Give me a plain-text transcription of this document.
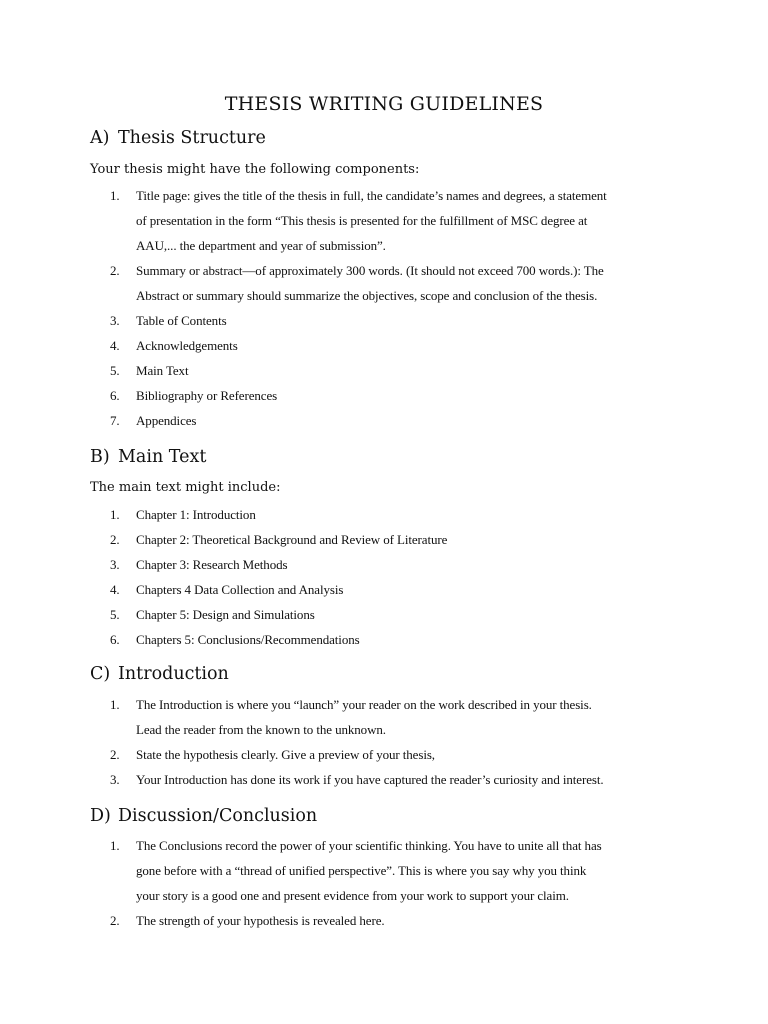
THESIS WRITING GUIDELINES
A) Thesis Structure

Your thesis might have the following components:

1.	Title page: gives the title of the thesis in full, the candidate’s names and degrees, a statement
of presentation in the form “This thesis is presented for the fulfillment of MSC degree at
AAU,... the department and year of submission”.
2.	Summary or abstract—of approximately 300 words. (It should not exceed 700 words.): The
Abstract or summary should summarize the objectives, scope and conclusion of the thesis.
3.	Table of Contents
4.	Acknowledgements
5.	Main Text
6.	Bibliography or References
7.	Appendices
B) Main Text

The main text might include:

1.	Chapter 1: Introduction
2.	Chapter 2: Theoretical Background and Review of Literature
3.	Chapter 3: Research Methods
4.	Chapters 4 Data Collection and Analysis
5.	Chapter 5: Design and Simulations
6.	Chapters 5: Conclusions/Recommendations
C) Introduction
1.	The Introduction is where you “launch” your reader on the work described in your thesis.
Lead the reader from the known to the unknown.
2.	State the hypothesis clearly. Give a preview of your thesis,
3.	Your Introduction has done its work if you have captured the reader’s curiosity and interest.
D) Discussion/Conclusion
1.	The Conclusions record the power of your scientific thinking. You have to unite all that has
gone before with a “thread of unified perspective”. This is where you say why you think
your story is a good one and present evidence from your work to support your claim.
2.	The strength of your hypothesis is revealed here.
